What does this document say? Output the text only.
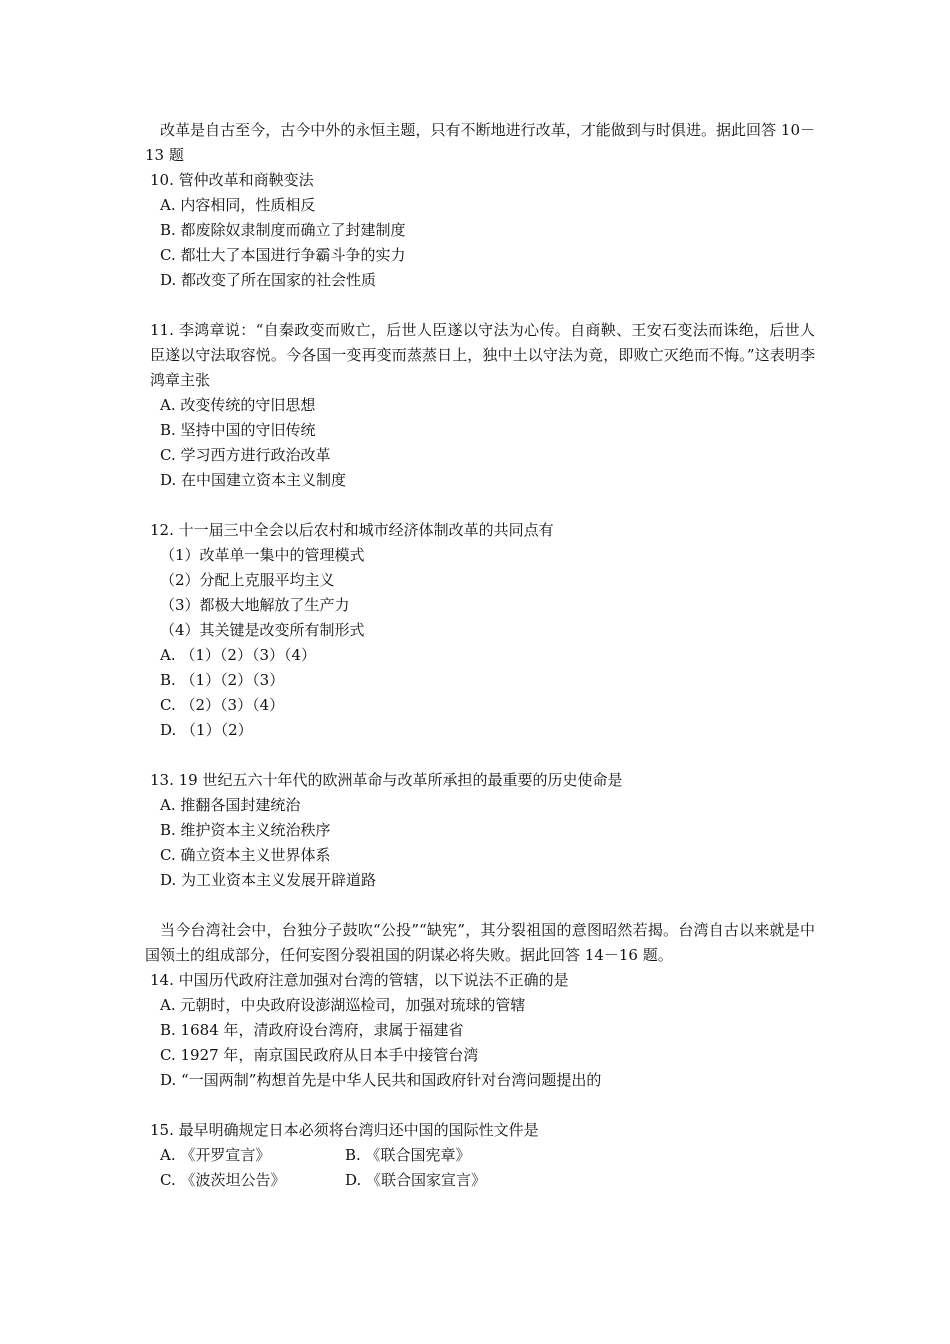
改革是自古至今，古今中外的永恒主题，只有不断地进行改革，才能做到与时俱进。据此回答 10－13 题
10. 管仲改革和商鞅变法
A. 内容相同，性质相反
B. 都废除奴隶制度而确立了封建制度
C. 都壮大了本国进行争霸斗争的实力
D. 都改变了所在国家的社会性质
11. 李鸿章说：“自秦政变而败亡，后世人臣遂以守法为心传。自商鞅、王安石变法而诛绝，后世人臣遂以守法取容悦。今各国一变再变而蒸蒸日上，独中土以守法为竟，即败亡灭绝而不悔。”这表明李鸿章主张
A. 改变传统的守旧思想
B. 坚持中国的守旧传统
C. 学习西方进行政治改革
D. 在中国建立资本主义制度
12. 十一届三中全会以后农村和城市经济体制改革的共同点有
（1）改革单一集中的管理模式
（2）分配上克服平均主义
（3）都极大地解放了生产力
（4）其关键是改变所有制形式
A. （1）（2）（3）（4）
B. （1）（2）（3）
C. （2）（3）（4）
D. （1）（2）
13. 19 世纪五六十年代的欧洲革命与改革所承担的最重要的历史使命是
A. 推翻各国封建统治
B. 维护资本主义统治秩序
C. 确立资本主义世界体系
D. 为工业资本主义发展开辟道路
当今台湾社会中，台独分子鼓吹“公投”“缺宪”，其分裂祖国的意图昭然若揭。台湾自古以来就是中国领土的组成部分，任何妄图分裂祖国的阴谋必将失败。据此回答 14－16 题。
14. 中国历代政府注意加强对台湾的管辖，以下说法不正确的是
A. 元朝时，中央政府设澎湖巡检司，加强对琉球的管辖
B. 1684 年，清政府设台湾府，隶属于福建省
C. 1927 年，南京国民政府从日本手中接管台湾
D. “一国两制”构想首先是中华人民共和国政府针对台湾问题提出的
15. 最早明确规定日本必须将台湾归还中国的国际性文件是
A. 《开罗宣言》	B. 《联合国宪章》
C. 《波茨坦公告》	D. 《联合国家宣言》
